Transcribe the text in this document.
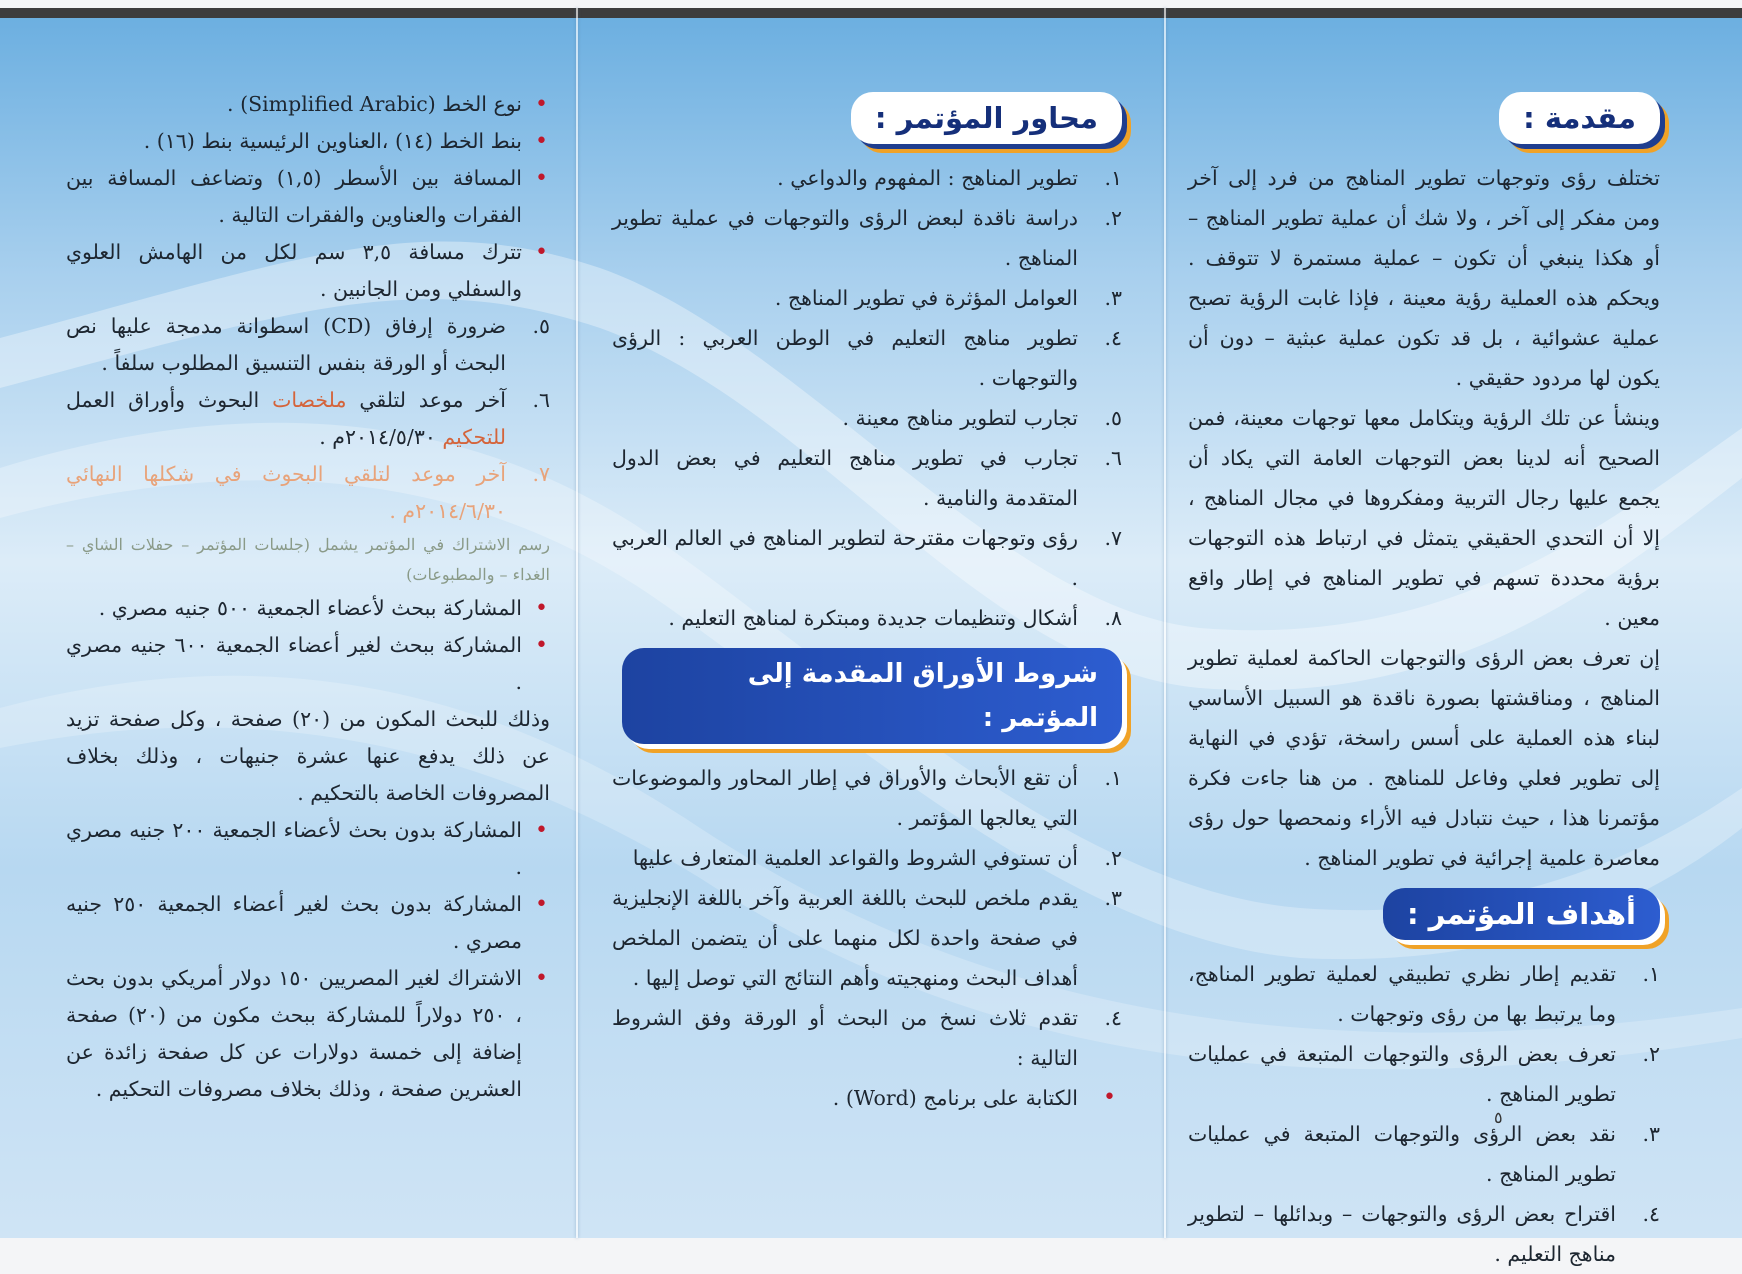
مقدمة :

تختلف رؤى وتوجهات تطوير المناهج من فرد إلى آخر ومن مفكر إلى آخر ، ولا شك أن عملية تطوير المناهج – أو هكذا ينبغي أن تكون – عملية مستمرة لا تتوقف . ويحكم هذه العملية رؤية معينة ، فإذا غابت الرؤية تصبح عملية عشوائية ، بل قد تكون عملية عبثية – دون أن يكون لها مردود حقيقي .

وينشأ عن تلك الرؤية ويتكامل معها توجهات معينة، فمن الصحيح أنه لدينا بعض التوجهات العامة التي يكاد أن يجمع عليها رجال التربية ومفكروها في مجال المناهج ، إلا أن التحدي الحقيقي يتمثل في ارتباط هذه التوجهات برؤية محددة تسهم في تطوير المناهج في إطار واقع معين .

إن تعرف بعض الرؤى والتوجهات الحاكمة لعملية تطوير المناهج ، ومناقشتها بصورة ناقدة هو السبيل الأساسي لبناء هذه العملية على أسس راسخة، تؤدي في النهاية إلى تطوير فعلي وفاعل للمناهج . من هنا جاءت فكرة مؤتمرنا هذا ، حيث نتبادل فيه الأراء ونمحصها حول رؤى معاصرة علمية إجرائية في تطوير المناهج .

أهداف المؤتمر :
١.
تقديم إطار نظري تطبيقي لعملية تطوير المناهج، وما يرتبط بها من رؤى وتوجهات .
٢.
تعرف بعض الرؤى والتوجهات المتبعة في عمليات تطوير المناهج .
٣.
نقد بعض الرؤى والتوجهات المتبعة في عمليات تطوير المناهج .
٤.
اقتراح بعض الرؤى والتوجهات – وبدائلها – لتطوير مناهج التعليم .
محاور المؤتمر :
١.
تطوير المناهج : المفهوم والدواعي .
٢.
دراسة ناقدة لبعض الرؤى والتوجهات في عملية تطوير المناهج .
٣.
العوامل المؤثرة في تطوير المناهج .
٤.
تطوير مناهج التعليم في الوطن العربي : الرؤى والتوجهات .
٥.
تجارب لتطوير مناهج معينة .
٦.
تجارب في تطوير مناهج التعليم في بعض الدول المتقدمة والنامية .
٧.
رؤى وتوجهات مقترحة لتطوير المناهج في العالم العربي .
٨.
أشكال وتنظيمات جديدة ومبتكرة لمناهج التعليم .
شروط الأوراق المقدمة إلى المؤتمر :
١.
أن تقع الأبحاث والأوراق في إطار المحاور والموضوعات التي يعالجها المؤتمر .
٢.
أن تستوفي الشروط والقواعد العلمية المتعارف عليها
٣.
يقدم ملخص للبحث باللغة العربية وآخر باللغة الإنجليزية في صفحة واحدة لكل منهما على أن يتضمن الملخص أهداف البحث ومنهجيته وأهم النتائج التي توصل إليها .
٤.
تقدم ثلاث نسخ من البحث أو الورقة وفق الشروط التالية :
•
الكتابة على برنامج (Word) .
•
نوع الخط (Simplified Arabic) .
•
بنط الخط (١٤) ،العناوين الرئيسية بنط (١٦) .
•
المسافة بين الأسطر (١,٥) وتضاعف المسافة بين الفقرات والعناوين والفقرات التالية .
•
تترك مسافة ٣,٥ سم لكل من الهامش العلوي والسفلي ومن الجانبين .
٥.
ضرورة إرفاق (CD) اسطوانة مدمجة عليها نص البحث أو الورقة بنفس التنسيق المطلوب سلفاً .
٦.
آخر موعد لتلقي ملخصات البحوث وأوراق العمل للتحكيم ٢٠١٤/٥/٣٠م .
٧.
آخر موعد لتلقي البحوث في شكلها النهائي ٢٠١٤/٦/٣٠م .

رسم الاشتراك في المؤتمر يشمل (جلسات المؤتمر – حفلات الشاي – الغداء – والمطبوعات)

•
المشاركة ببحث لأعضاء الجمعية ٥٠٠ جنيه مصري .
•
المشاركة ببحث لغير أعضاء الجمعية ٦٠٠ جنيه مصري .

وذلك للبحث المكون من (٢٠) صفحة ، وكل صفحة تزيد عن ذلك يدفع عنها عشرة جنيهات ، وذلك بخلاف المصروفات الخاصة بالتحكيم .

•
المشاركة بدون بحث لأعضاء الجمعية ٢٠٠ جنيه مصري .
•
المشاركة بدون بحث لغير أعضاء الجمعية ٢٥٠ جنيه مصري .
•
الاشتراك لغير المصريين ١٥٠ دولار أمريكي بدون بحث ، ٢٥٠ دولاراً للمشاركة ببحث مكون من (٢٠) صفحة إضافة إلى خمسة دولارات عن كل صفحة زائدة عن العشرين صفحة ، وذلك بخلاف مصروفات التحكيم .
٥
